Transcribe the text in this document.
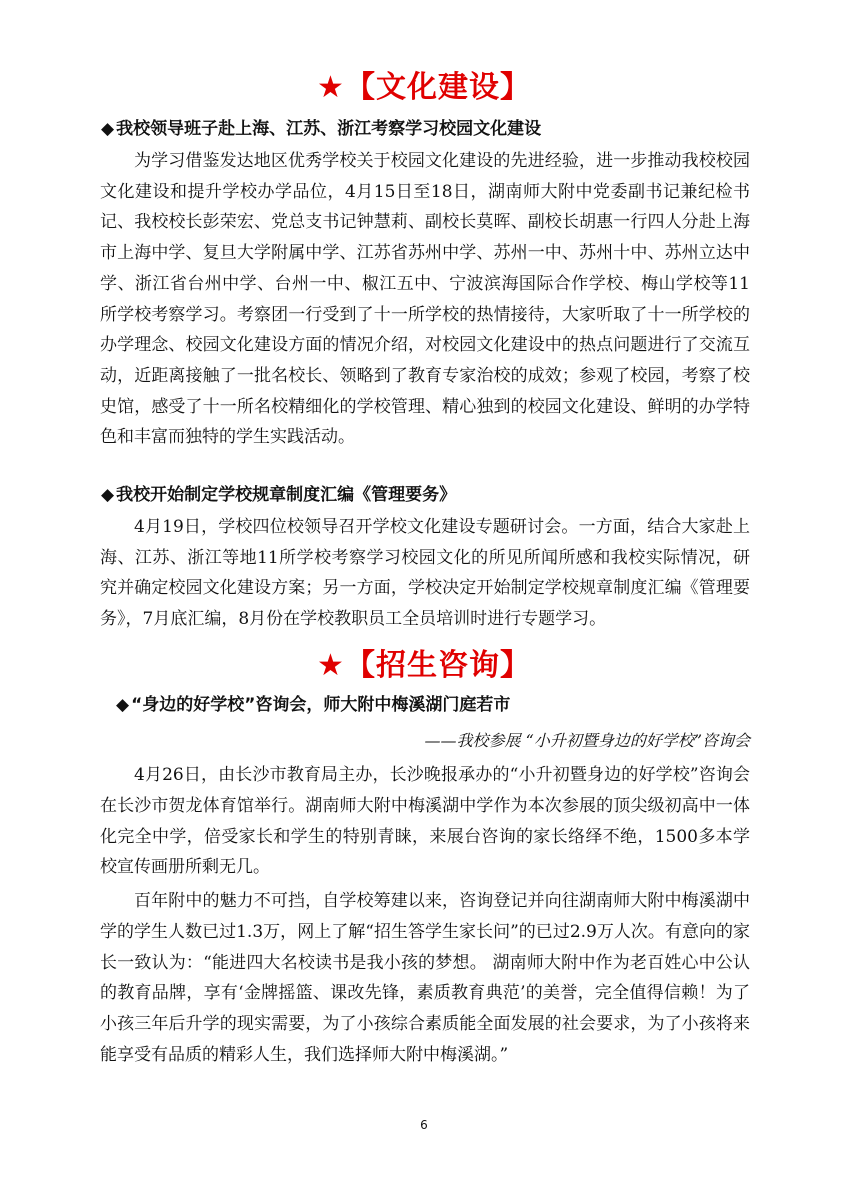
★【文化建设】
◆ 我校领导班子赴上海、江苏、浙江考察学习校园文化建设
为学习借鉴发达地区优秀学校关于校园文化建设的先进经验，进一步推动我校校园文化建设和提升学校办学品位，4月15日至18日，湖南师大附中党委副书记兼纪检书记、我校校长彭荣宏、党总支书记钟慧莉、副校长莫晖、副校长胡惠一行四人分赴上海市上海中学、复旦大学附属中学、江苏省苏州中学、苏州一中、苏州十中、苏州立达中学、浙江省台州中学、台州一中、椒江五中、宁波滨海国际合作学校、梅山学校等11所学校考察学习。考察团一行受到了十一所学校的热情接待，大家听取了十一所学校的办学理念、校园文化建设方面的情况介绍，对校园文化建设中的热点问题进行了交流互动，近距离接触了一批名校长、领略到了教育专家治校的成效；参观了校园，考察了校史馆，感受了十一所名校精细化的学校管理、精心独到的校园文化建设、鲜明的办学特色和丰富而独特的学生实践活动。
◆ 我校开始制定学校规章制度汇编《管理要务》
4月19日，学校四位校领导召开学校文化建设专题研讨会。一方面，结合大家赴上海、江苏、浙江等地11所学校考察学习校园文化的所见所闻所感和我校实际情况，研究并确定校园文化建设方案；另一方面，学校决定开始制定学校规章制度汇编《管理要务》，7月底汇编，8月份在学校教职员工全员培训时进行专题学习。
★【招生咨询】
◆ “身边的好学校”咨询会，师大附中梅溪湖门庭若市
——我校参展 “小升初暨身边的好学校”咨询会
4月26日，由长沙市教育局主办，长沙晚报承办的“小升初暨身边的好学校”咨询会在长沙市贺龙体育馆举行。湖南师大附中梅溪湖中学作为本次参展的顶尖级初高中一体化完全中学，倍受家长和学生的特别青睐，来展台咨询的家长络绎不绝，1500多本学校宣传画册所剩无几。
百年附中的魅力不可挡，自学校筹建以来，咨询登记并向往湖南师大附中梅溪湖中学的学生人数已过1.3万，网上了解“招生答学生家长问”的已过2.9万人次。有意向的家长一致认为：“能进四大名校读书是我小孩的梦想。 湖南师大附中作为老百姓心中公认的教育品牌，享有‘金牌摇篮、课改先锋，素质教育典范’的美誉，完全值得信赖！为了小孩三年后升学的现实需要，为了小孩综合素质能全面发展的社会要求，为了小孩将来能享受有品质的精彩人生，我们选择师大附中梅溪湖。”
6
